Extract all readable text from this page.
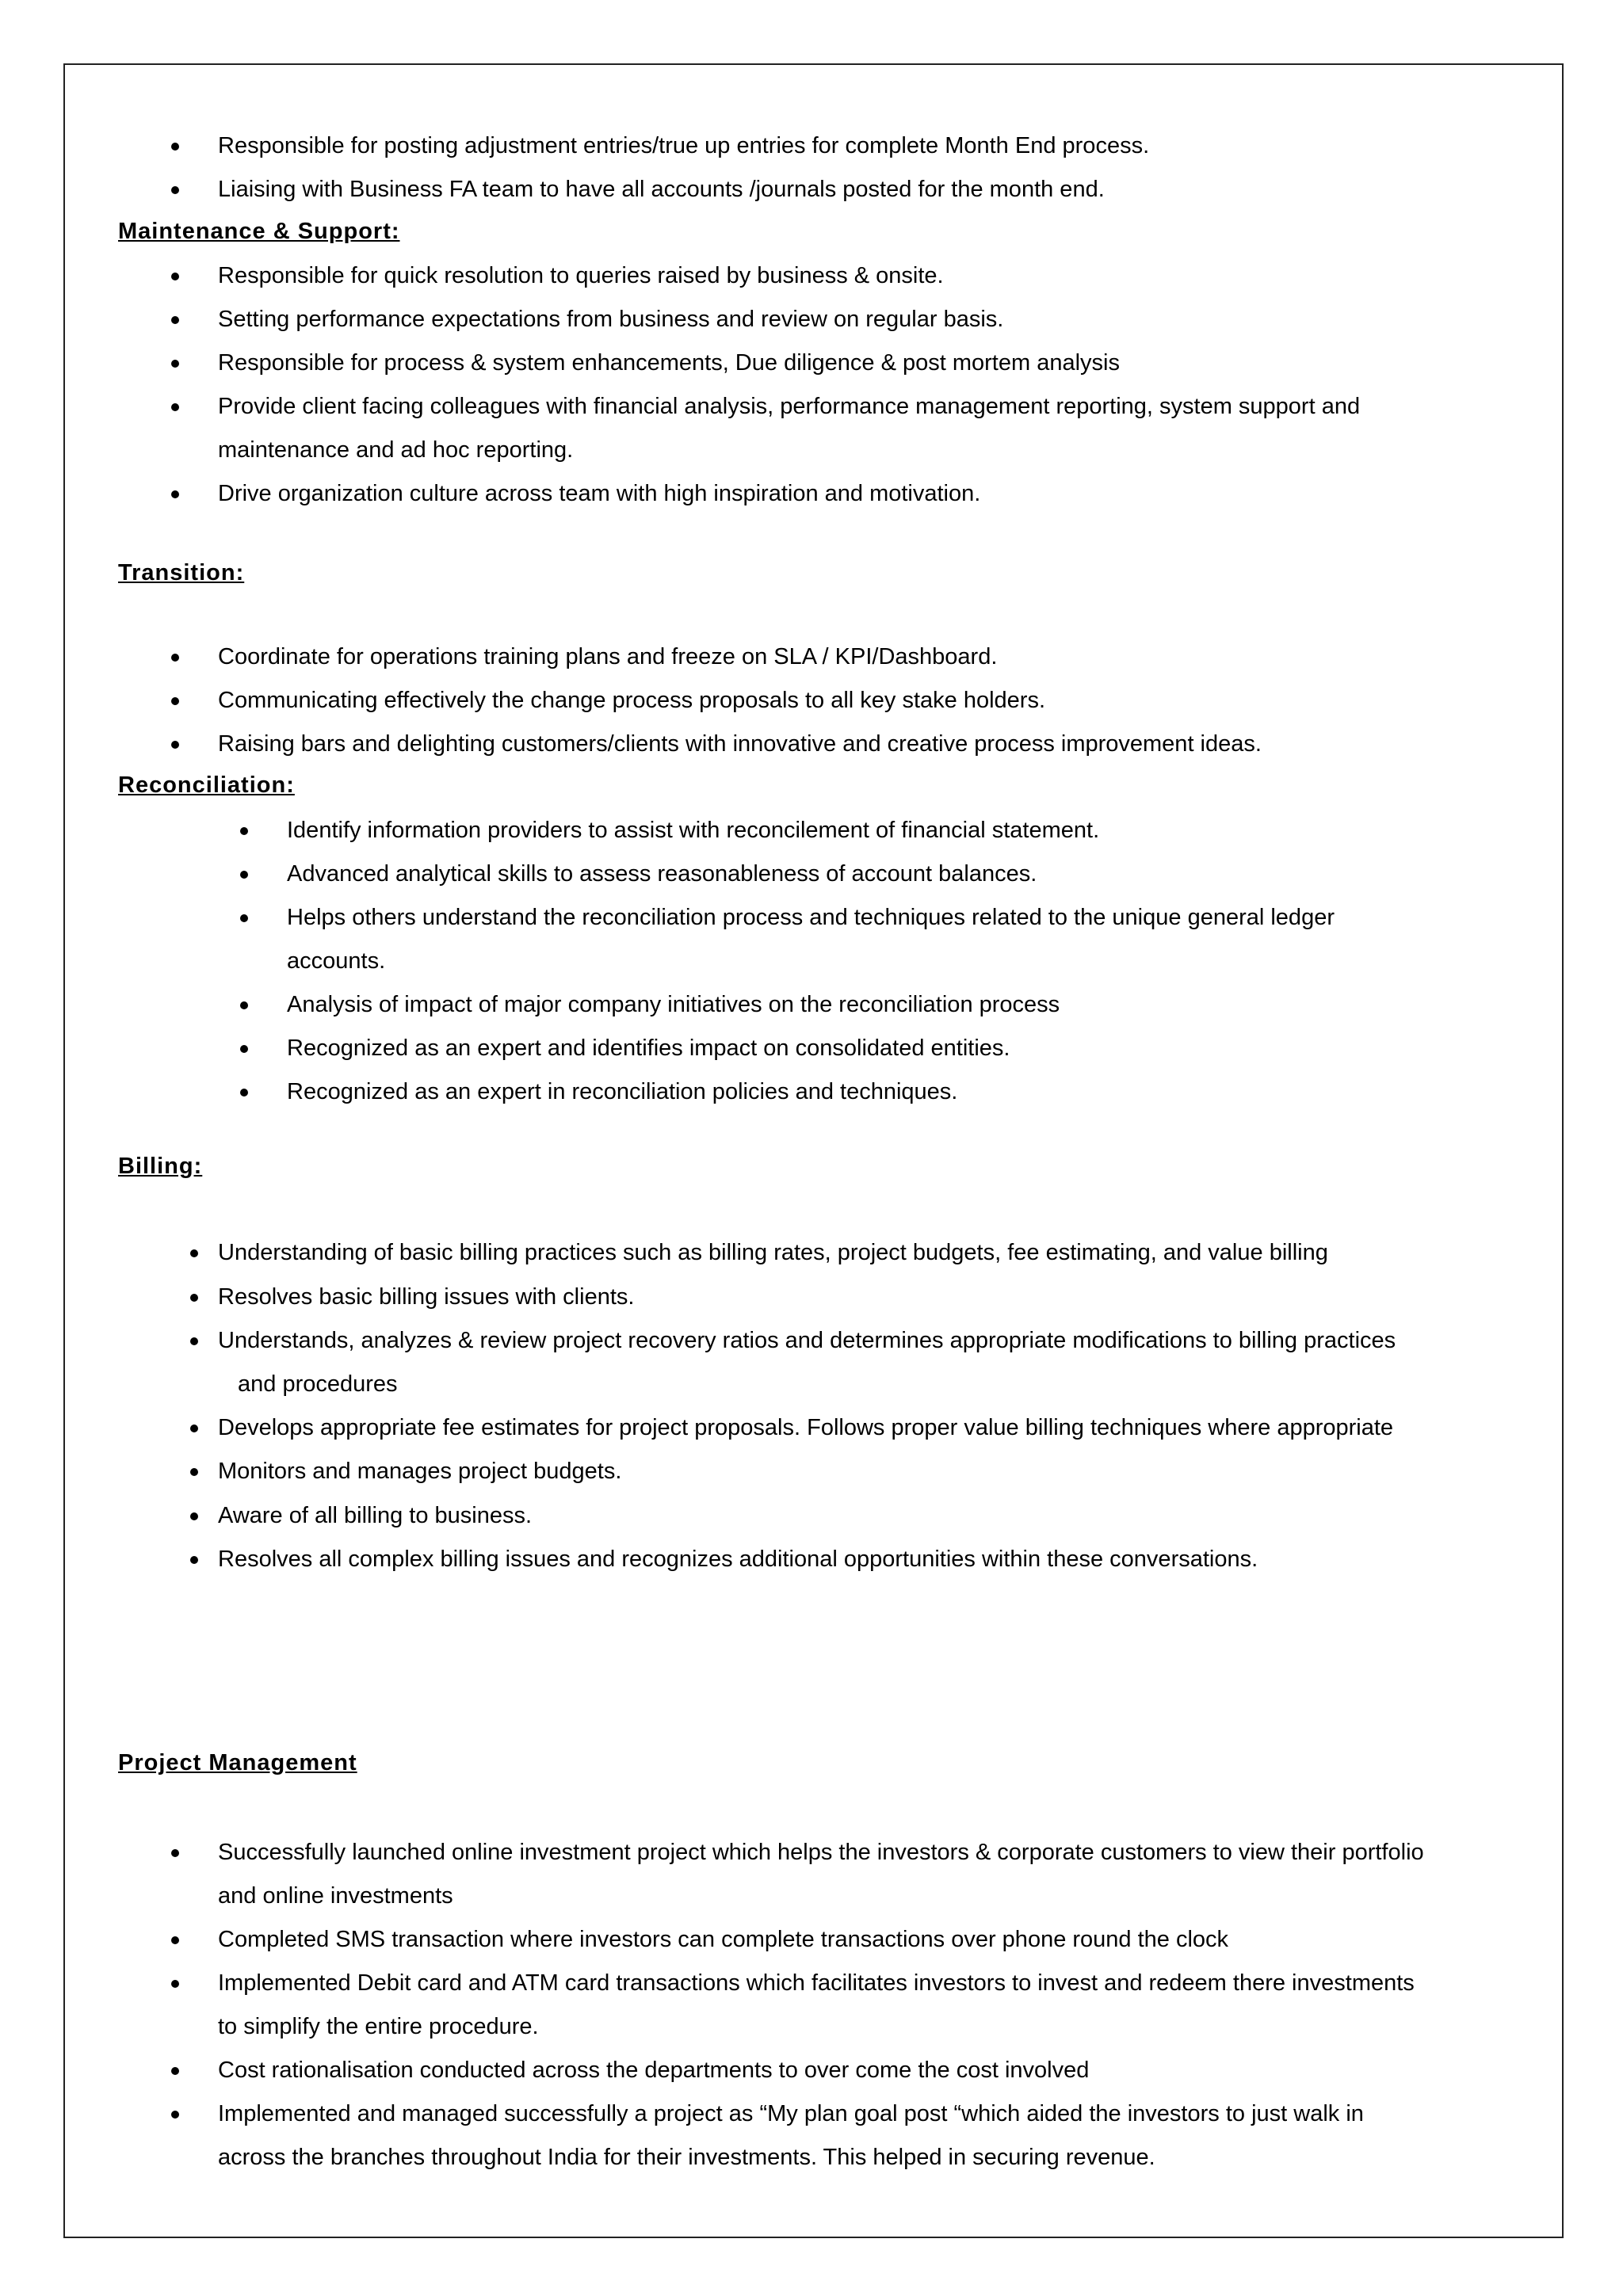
Responsible for posting adjustment entries/true up entries for complete Month End process.
Liaising with Business FA team to have all accounts /journals posted for the month end.
Maintenance & Support:
Responsible for quick resolution to queries raised by business & onsite.
Setting performance expectations from business and review on regular basis.
Responsible for process & system enhancements, Due diligence & post mortem analysis
Provide client facing colleagues with financial analysis, performance management reporting, system support and
maintenance and ad hoc reporting.
Drive organization culture across team with high inspiration and motivation.
Transition:
Coordinate for operations training plans and freeze on SLA / KPI/Dashboard.
Communicating effectively the change process proposals to all key stake holders.
Raising bars and delighting customers/clients with innovative and creative process improvement ideas.
Reconciliation:
Identify information providers to assist with reconcilement of financial statement.
Advanced analytical skills to assess reasonableness of account balances.
Helps others understand the reconciliation process and techniques related to the unique general ledger
accounts.
Analysis of impact of major company initiatives on the reconciliation process
Recognized as an expert and identifies impact on consolidated entities.
Recognized as an expert in reconciliation policies and techniques.
Billing:
Understanding of basic billing practices such as billing rates, project budgets, fee estimating, and value billing
Resolves basic billing issues with clients.
Understands, analyzes & review project recovery ratios and determines appropriate modifications to billing practices
and procedures
Develops appropriate fee estimates for project proposals. Follows proper value billing techniques where appropriate
Monitors and manages project budgets.
Aware of all billing to business.
Resolves all complex billing issues and recognizes additional opportunities within these conversations.
Project Management
Successfully launched online investment project which helps the investors & corporate customers to view their portfolio
and online investments
Completed SMS transaction where investors can complete transactions over phone round the clock
Implemented Debit card and ATM card transactions which facilitates investors to invest and redeem there investments
to simplify the entire procedure.
Cost rationalisation conducted across the departments to over come the cost involved
Implemented and managed successfully a project as “My plan goal post “which aided the investors to just walk in
across the branches throughout India for their investments. This helped in securing revenue.
